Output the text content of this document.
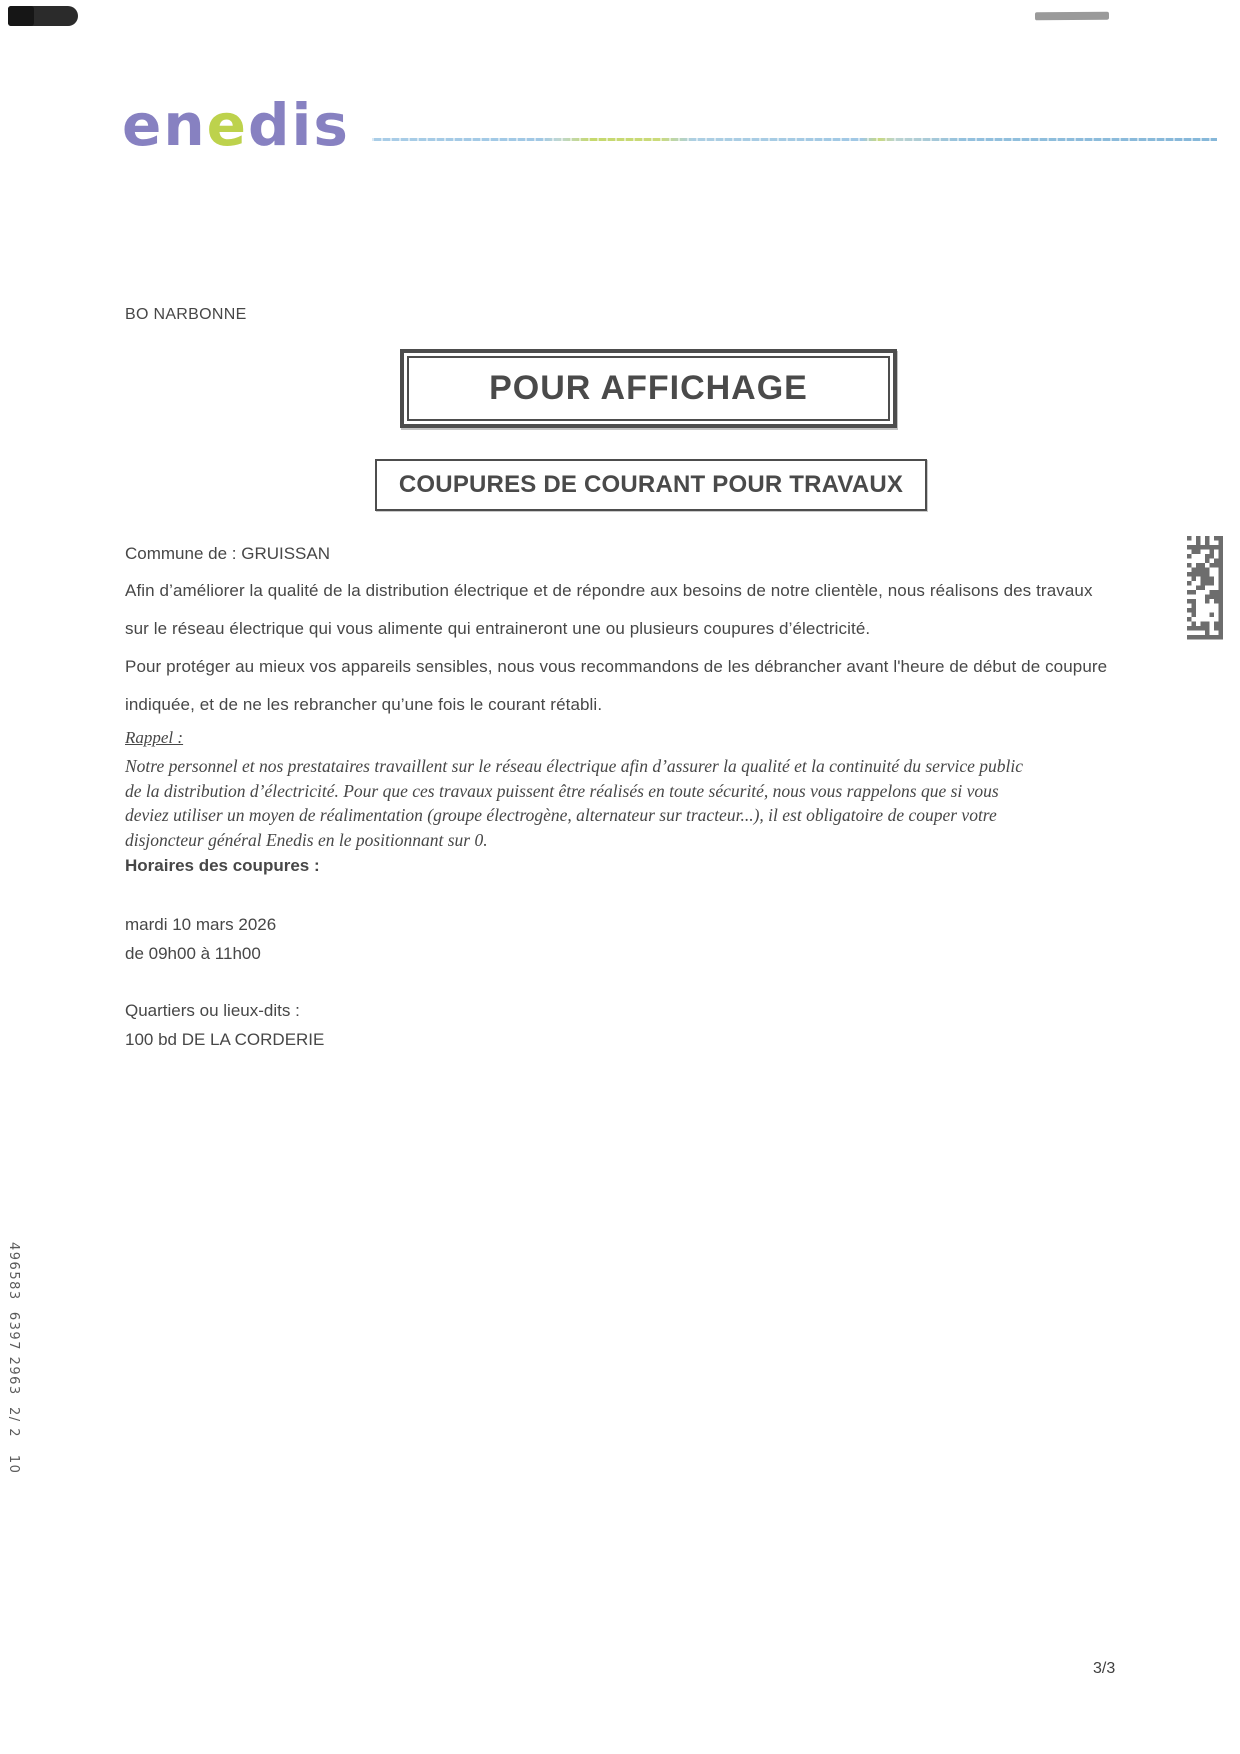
enedis
BO NARBONNE
POUR AFFICHAGE
COUPURES DE COURANT POUR TRAVAUX
Commune de : GRUISSAN
Afin d’améliorer la qualité de la distribution électrique et de répondre aux besoins de notre clientèle, nous réalisons des travaux
sur le réseau électrique qui vous alimente qui entraineront une ou plusieurs coupures d’électricité.
Pour protéger au mieux vos appareils sensibles, nous vous recommandons de les débrancher avant l'heure de début de coupure
indiquée, et de ne les rebrancher qu’une fois le courant rétabli.
Rappel :
Notre personnel et nos prestataires travaillent sur le réseau électrique afin d’assurer la qualité et la continuité du service public
de la distribution d’électricité. Pour que ces travaux puissent être réalisés en toute sécurité, nous vous rappelons que si vous
deviez utiliser un moyen de réalimentation (groupe électrogène, alternateur sur tracteur...), il est obligatoire de couper votre
disjoncteur général Enedis en le positionnant sur 0.
Horaires des coupures :
mardi 10 mars 2026
de 09h00 à 11h00
Quartiers ou lieux-dits :
100 bd DE LA CORDERIE
496583  6397 2963  2/ 2   10
3/3
